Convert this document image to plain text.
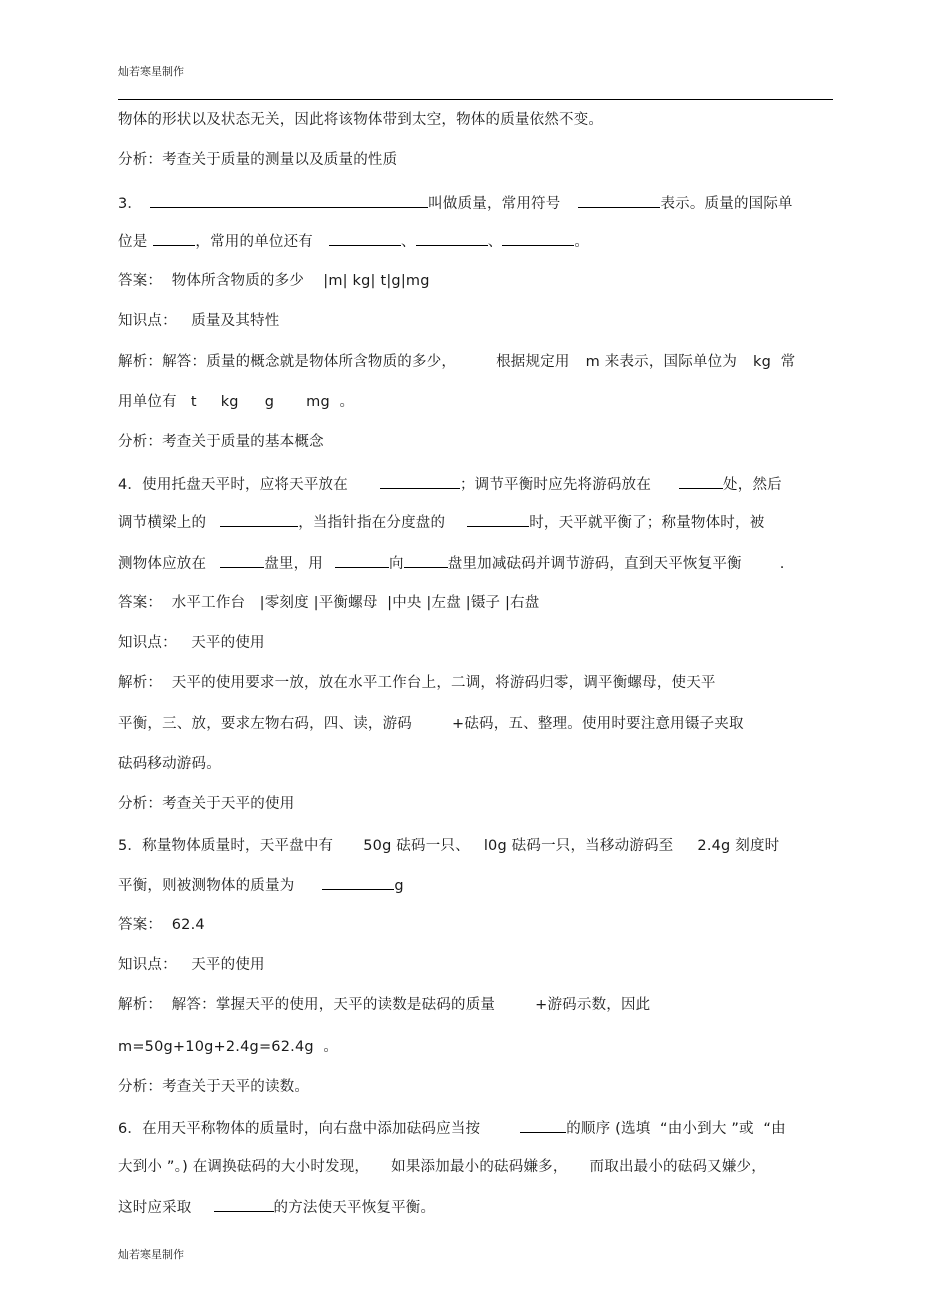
灿若寒星制作
物体的形状以及状态无关，因此将该物体带到太空，物体的质量依然不变。
分析：考查关于质量的测量以及质量的性质
3．	叫做质量，常用符号	表示。质量的国际单
位是	，常用的单位还有	、	、	。
答案：  物体所含物质的多少    |m| kg| t|g|mg
知识点：   质量及其特性
解析：解答：质量的概念就是物体所含物质的多少，	根据规定用 m 来表示，国际单位为 kg  常
用单位有 t kg g mg  。
分析：考查关于质量的基本概念
4．使用托盘天平时，应将天平放在	；调节平衡时应先将游码放在	处，然后
调节横梁上的	，当指针指在分度盘的	时，天平就平衡了；称量物体时，被
测物体应放在	盘里，用	向	盘里加减砝码并调节游码，直到天平恢复平衡	.
答案：  水平工作台   |零刻度 |平衡螺母  |中央 |左盘 |镊子 |右盘
知识点：   天平的使用
解析：  天平的使用要求一放，放在水平工作台上，二调，将游码归零，调平衡螺母，使天平
平衡，三、放，要求左物右码，四、读，游码	+砝码，五、整理。使用时要注意用镊子夹取
砝码移动游码。
分析：考查关于天平的使用
5．称量物体质量时，天平盘中有 50g 砝码一只、 l0g 砝码一只，当移动游码至 2.4g 刻度时
平衡，则被测物体的质量为	g
答案：  62.4
知识点：   天平的使用
解析：  解答：掌握天平的使用，天平的读数是砝码的质量	+游码示数，因此
m=50g+10g+2.4g=62.4g  。
分析：考查关于天平的读数。
6．在用天平称物体的质量时，向右盘中添加砝码应当按	的顺序 (选填  “由小到大 ”或  “由
大到小 ”。) 在调换砝码的大小时发现， 如果添加最小的砝码嫌多， 而取出最小的砝码又嫌少，
这时应采取	的方法使天平恢复平衡。
灿若寒星制作
